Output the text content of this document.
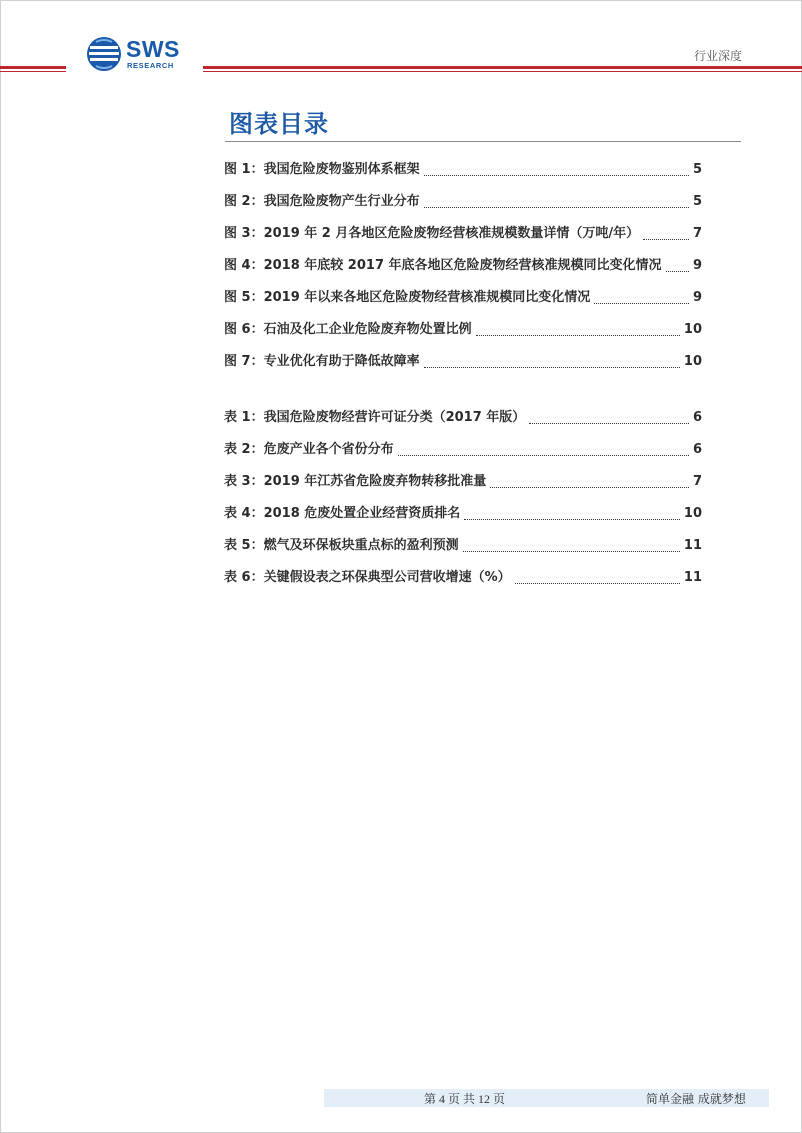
SWS
RESEARCH
行业深度
图表目录
图 1：我国危险废物鉴别体系框架	5
图 2：我国危险废物产生行业分布	5
图 3：2019 年 2 月各地区危险废物经营核准规模数量详情（万吨/年）	7
图 4：2018 年底较 2017 年底各地区危险废物经营核准规模同比变化情况 9
图 5：2019 年以来各地区危险废物经营核准规模同比变化情况	9
图 6：石油及化工企业危险废弃物处置比例	10
图 7：专业优化有助于降低故障率	10
表 1：我国危险废物经营许可证分类（2017 年版）	6
表 2：危废产业各个省份分布	6
表 3：2019 年江苏省危险废弃物转移批准量	7
表 4：2018 危废处置企业经营资质排名	10
表 5：燃气及环保板块重点标的盈利预测	11
表 6：关键假设表之环保典型公司营收增速（%）	11
第 4 页 共 12 页	简单金融 成就梦想
